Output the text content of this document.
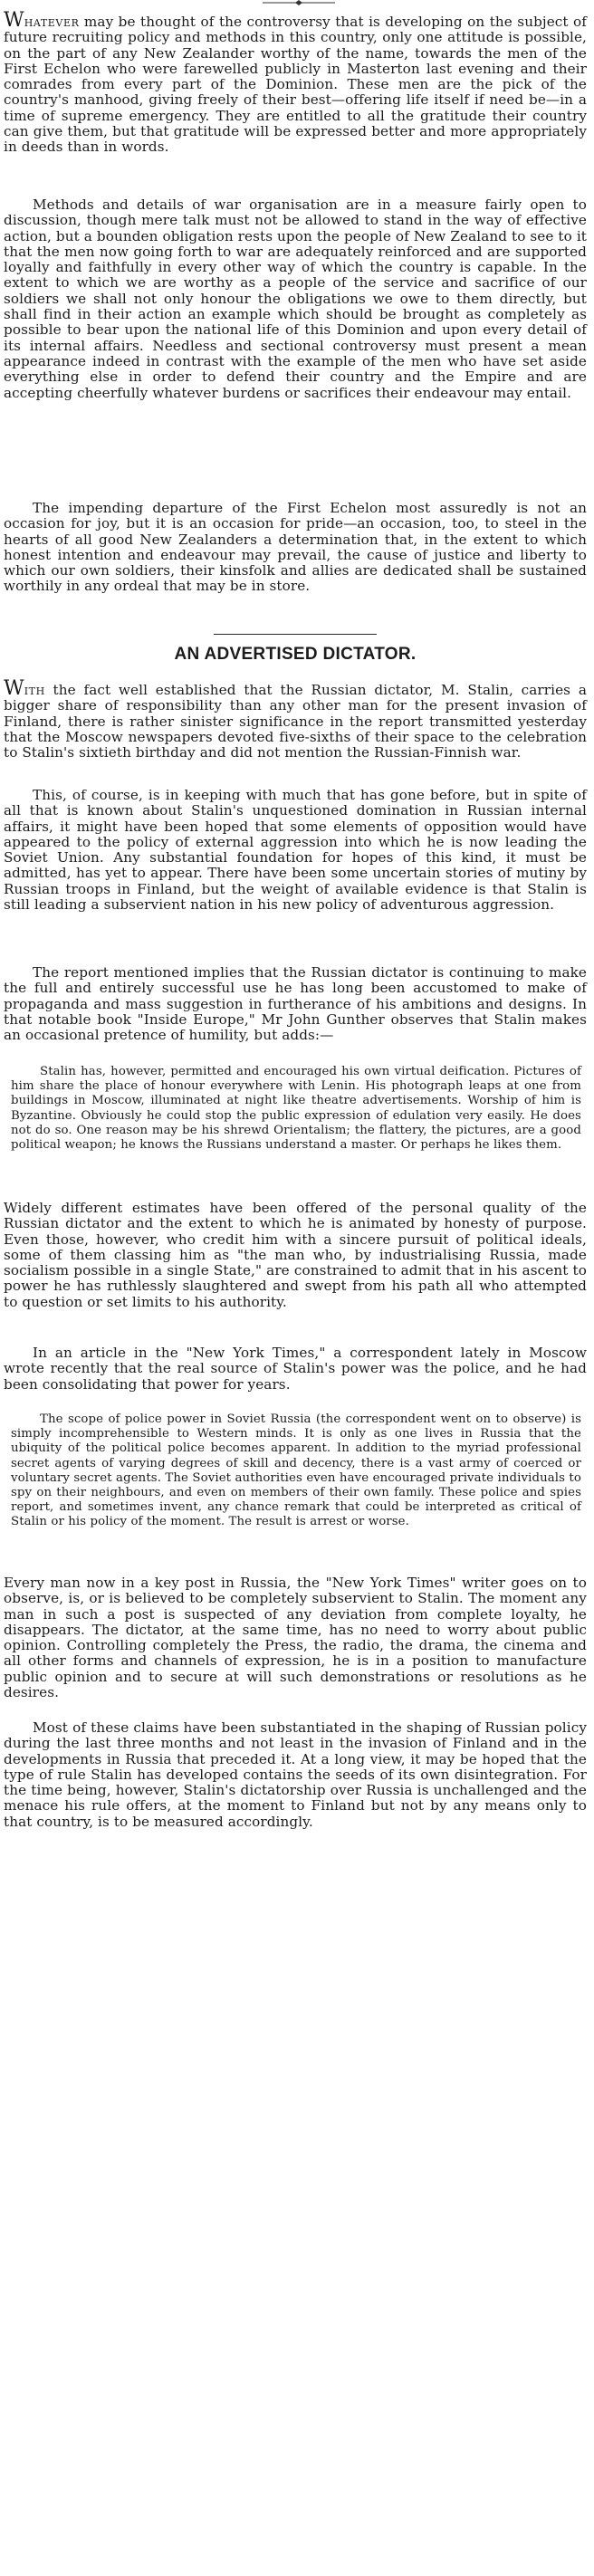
Whatever may be thought of the controversy that is developing on the subject of future recruiting policy and methods in this country, only one attitude is possible, on the part of any New Zealander worthy of the name, towards the men of the First Echelon who were farewelled publicly in Masterton last evening and their comrades from every part of the Dominion. These men are the pick of the country's manhood, giving freely of their best—offering life itself if need be—in a time of supreme emergency. They are entitled to all the gratitude their country can give them, but that gratitude will be expressed better and more appropriately in deeds than in words.

Methods and details of war organisation are in a measure fairly open to discussion, though mere talk must not be allowed to stand in the way of effective action, but a bounden obligation rests upon the people of New Zealand to see to it that the men now going forth to war are adequately reinforced and are supported loyally and faithfully in every other way of which the country is capable. In the extent to which we are worthy as a people of the service and sacrifice of our soldiers we shall not only honour the obligations we owe to them directly, but shall find in their action an example which should be brought as completely as possible to bear upon the national life of this Dominion and upon every detail of its internal affairs. Needless and sectional controversy must present a mean appearance indeed in contrast with the example of the men who have set aside everything else in order to defend their country and the Empire and are accepting cheerfully whatever burdens or sacrifices their endeavour may entail.

The impending departure of the First Echelon most assuredly is not an occasion for joy, but it is an occasion for pride—an occasion, too, to steel in the hearts of all good New Zealanders a determination that, in the extent to which honest intention and endeavour may prevail, the cause of justice and liberty to which our own soldiers, their kinsfolk and allies are dedicated shall be sustained worthily in any ordeal that may be in store.

AN ADVERTISED DICTATOR.

With the fact well established that the Russian dictator, M. Stalin, carries a bigger share of responsibility than any other man for the present invasion of Finland, there is rather sinister significance in the report transmitted yesterday that the Moscow newspapers devoted five-sixths of their space to the celebration to Stalin's sixtieth birthday and did not mention the Russian-Finnish war.

This, of course, is in keeping with much that has gone before, but in spite of all that is known about Stalin's unquestioned domination in Russian internal affairs, it might have been hoped that some elements of opposition would have appeared to the policy of external aggression into which he is now leading the Soviet Union. Any substantial foundation for hopes of this kind, it must be admitted, has yet to appear. There have been some uncertain stories of mutiny by Russian troops in Finland, but the weight of available evidence is that Stalin is still leading a subservient nation in his new policy of adventurous aggression.

The report mentioned implies that the Russian dictator is continuing to make the full and entirely successful use he has long been accustomed to make of propaganda and mass suggestion in furtherance of his ambitions and designs. In that notable book "Inside Europe," Mr John Gunther observes that Stalin makes an occasional pretence of humility, but adds:—

Stalin has, however, permitted and encouraged his own virtual deification. Pictures of him share the place of honour everywhere with Lenin. His photograph leaps at one from buildings in Moscow, illuminated at night like theatre advertisements. Worship of him is Byzantine. Obviously he could stop the public expression of edulation very easily. He does not do so. One reason may be his shrewd Orientalism; the flattery, the pictures, are a good political weapon; he knows the Russians understand a master. Or perhaps he likes them.

Widely different estimates have been offered of the personal quality of the Russian dictator and the extent to which he is animated by honesty of purpose. Even those, however, who credit him with a sincere pursuit of political ideals, some of them classing him as "the man who, by industrialising Russia, made socialism possible in a single State," are constrained to admit that in his ascent to power he has ruthlessly slaughtered and swept from his path all who attempted to question or set limits to his authority.

In an article in the "New York Times," a correspondent lately in Moscow wrote recently that the real source of Stalin's power was the police, and he had been consolidating that power for years.

The scope of police power in Soviet Russia (the correspondent went on to observe) is simply incomprehensible to Western minds. It is only as one lives in Russia that the ubiquity of the political police becomes apparent. In addition to the myriad professional secret agents of varying degrees of skill and decency, there is a vast army of coerced or voluntary secret agents. The Soviet authorities even have encouraged private individuals to spy on their neighbours, and even on members of their own family. These police and spies report, and sometimes invent, any chance remark that could be interpreted as critical of Stalin or his policy of the moment. The result is arrest or worse.

Every man now in a key post in Russia, the "New York Times" writer goes on to observe, is, or is believed to be completely subservient to Stalin. The moment any man in such a post is suspected of any deviation from complete loyalty, he disappears. The dictator, at the same time, has no need to worry about public opinion. Controlling completely the Press, the radio, the drama, the cinema and all other forms and channels of expression, he is in a position to manufacture public opinion and to secure at will such demonstrations or resolutions as he desires.

Most of these claims have been substantiated in the shaping of Russian policy during the last three months and not least in the invasion of Finland and in the developments in Russia that preceded it. At a long view, it may be hoped that the type of rule Stalin has developed contains the seeds of its own disintegration. For the time being, however, Stalin's dictatorship over Russia is unchallenged and the menace his rule offers, at the moment to Finland but not by any means only to that country, is to be measured accordingly.
